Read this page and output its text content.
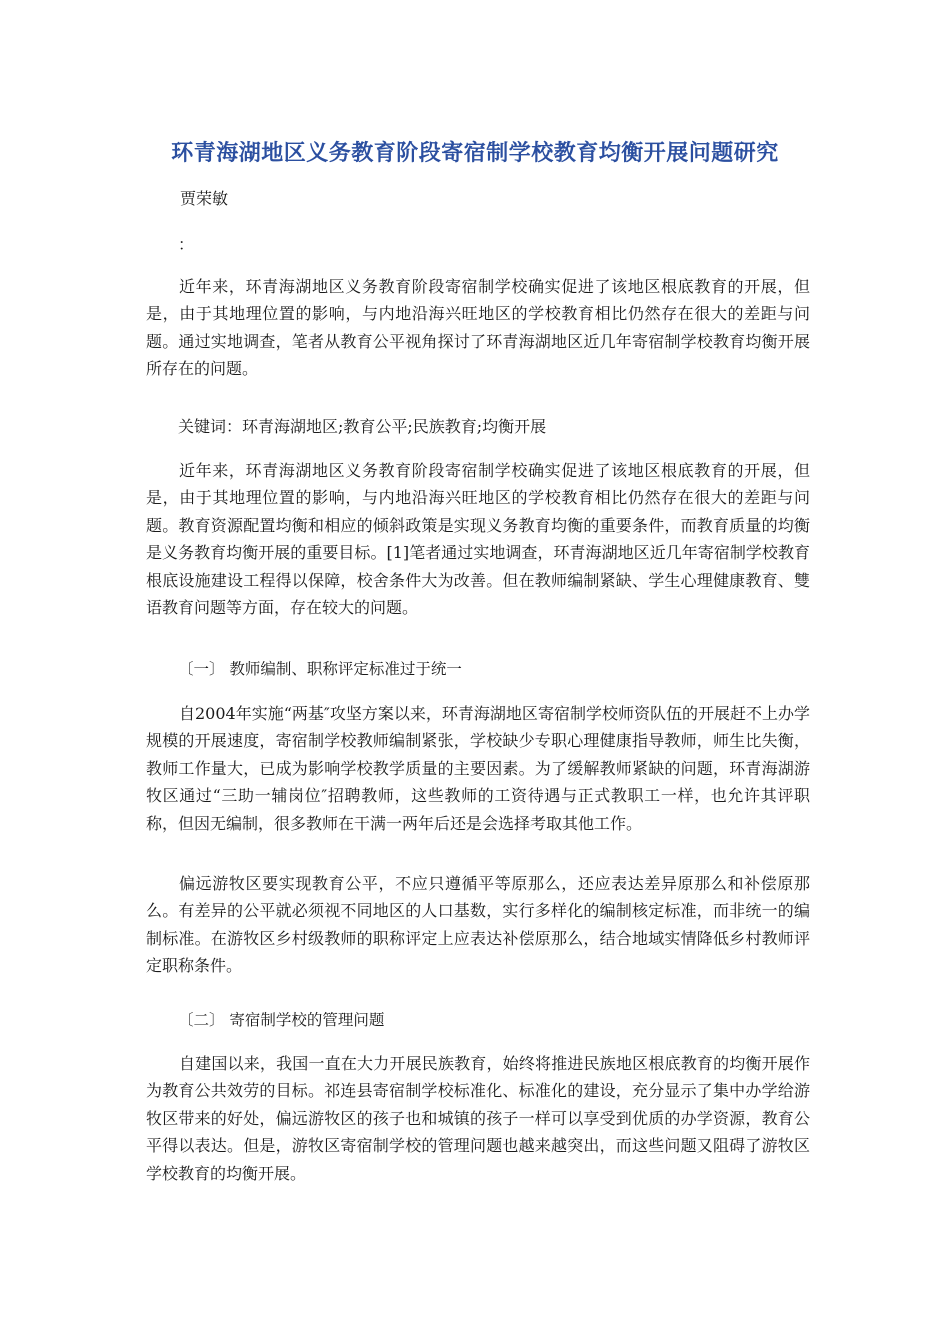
环青海湖地区义务教育阶段寄宿制学校教育均衡开展问题研究
贾荣敏
：

近年来，环青海湖地区义务教育阶段寄宿制学校确实促进了该地区根底教育的开展，但是，由于其地理位置的影响，与内地沿海兴旺地区的学校教育相比仍然存在很大的差距与问题。通过实地调查，笔者从教育公平视角探讨了环青海湖地区近几年寄宿制学校教育均衡开展所存在的问题。

关键词：环青海湖地区;教育公平;民族教育;均衡开展

近年来，环青海湖地区义务教育阶段寄宿制学校确实促进了该地区根底教育的开展，但是，由于其地理位置的影响，与内地沿海兴旺地区的学校教育相比仍然存在很大的差距与问题。教育资源配置均衡和相应的倾斜政策是实现义务教育均衡的重要条件，而教育质量的均衡是义务教育均衡开展的重要目标。[1]笔者通过实地调查，环青海湖地区近几年寄宿制学校教育根底设施建设工程得以保障，校舍条件大为改善。但在教师编制紧缺、学生心理健康教育、雙语教育问题等方面，存在较大的问题。

〔一〕 教师编制、职称评定标准过于统一

自2004年实施“两基″攻坚方案以来，环青海湖地区寄宿制学校师资队伍的开展赶不上办学规模的开展速度，寄宿制学校教师编制紧张，学校缺少专职心理健康指导教师，师生比失衡，教师工作量大，已成为影响学校教学质量的主要因素。为了缓解教师紧缺的问题，环青海湖游牧区通过“三助一辅岗位″招聘教师，这些教师的工资待遇与正式教职工一样，也允许其评职称，但因无编制，很多教师在干满一两年后还是会选择考取其他工作。

偏远游牧区要实现教育公平，不应只遵循平等原那么，还应表达差异原那么和补偿原那么。有差异的公平就必须视不同地区的人口基数，实行多样化的编制核定标准，而非统一的编制标准。在游牧区乡村级教师的职称评定上应表达补偿原那么，结合地域实情降低乡村教师评定职称条件。

〔二〕 寄宿制学校的管理问题

自建国以来，我国一直在大力开展民族教育，始终将推进民族地区根底教育的均衡开展作为教育公共效劳的目标。祁连县寄宿制学校标准化、标准化的建设，充分显示了集中办学给游牧区带来的好处，偏远游牧区的孩子也和城镇的孩子一样可以享受到优质的办学资源，教育公平得以表达。但是，游牧区寄宿制学校的管理问题也越来越突出，而这些问题又阻碍了游牧区学校教育的均衡开展。
